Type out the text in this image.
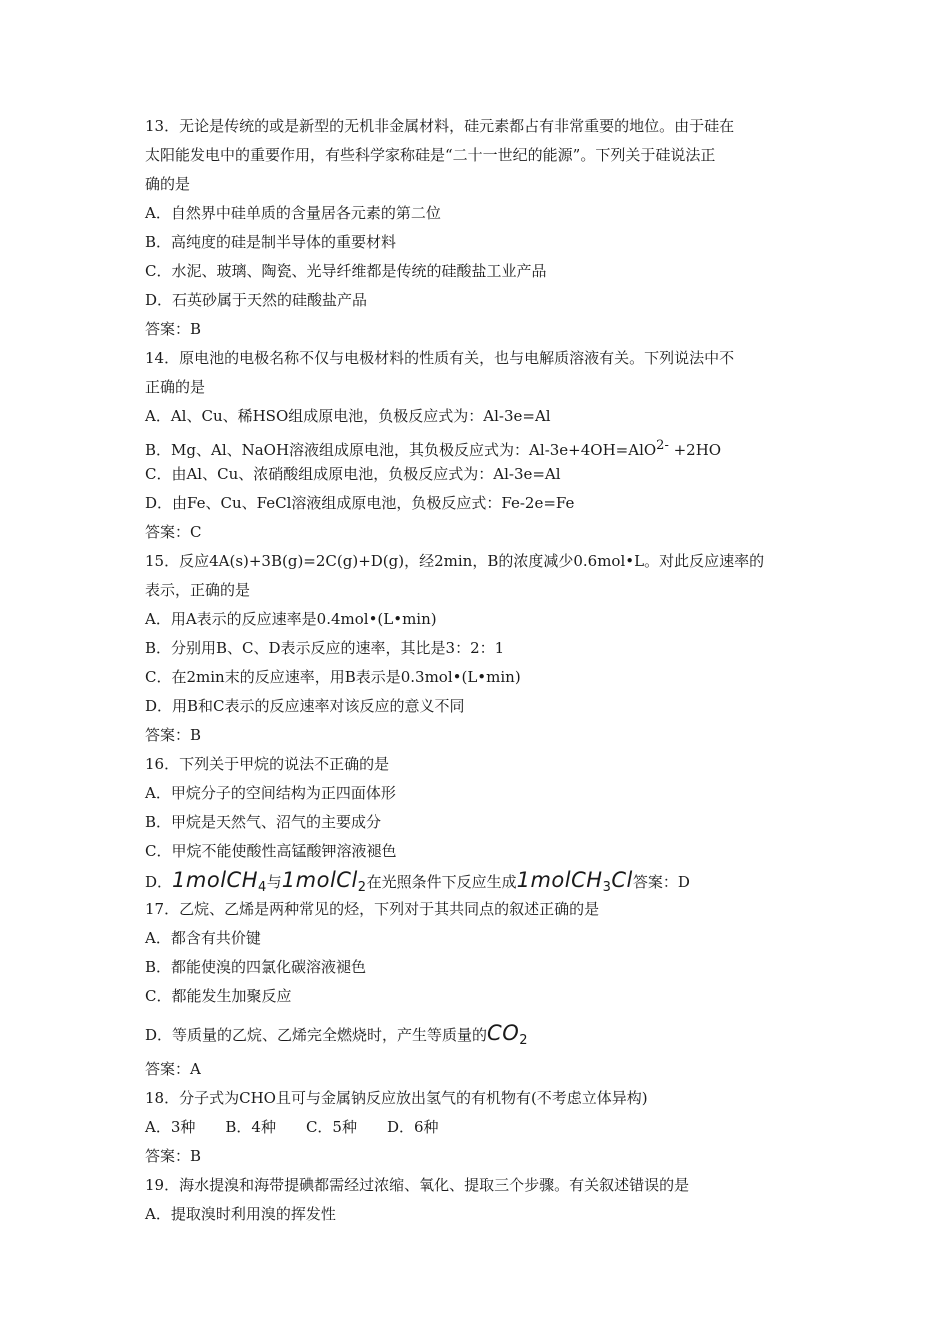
13．无论是传统的或是新型的无机非金属材料，硅元素都占有非常重要的地位。由于硅在
太阳能发电中的重要作用，有些科学家称硅是“二十一世纪的能源”。下列关于硅说法正
确的是
A．自然界中硅单质的含量居各元素的第二位
B．高纯度的硅是制半导体的重要材料
C．水泥、玻璃、陶瓷、光导纤维都是传统的硅酸盐工业产品
D．石英砂属于天然的硅酸盐产品
答案：B
14．原电池的电极名称不仅与电极材料的性质有关，也与电解质溶液有关。下列说法中不
正确的是
A．Al、Cu、稀HSO组成原电池，负极反应式为：Al-3e=Al
B．Mg、Al、NaOH溶液组成原电池，其负极反应式为：Al-3e+4OH=AlO2- +2HO
C．由Al、Cu、浓硝酸组成原电池，负极反应式为：Al-3e=Al
D．由Fe、Cu、FeCl溶液组成原电池，负极反应式：Fe-2e=Fe
答案：C
15．反应4A(s)+3B(g)=2C(g)+D(g)，经2min，B的浓度减少0.6mol•L。对此反应速率的
表示，正确的是
A．用A表示的反应速率是0.4mol•(L•min)
B．分别用B、C、D表示反应的速率，其比是3：2：1
C．在2min末的反应速率，用B表示是0.3mol•(L•min)
D．用B和C表示的反应速率对该反应的意义不同
答案：B
16．下列关于甲烷的说法不正确的是
A．甲烷分子的空间结构为正四面体形
B．甲烷是天然气、沼气的主要成分
C．甲烷不能使酸性高锰酸钾溶液褪色
D．1molCH$_4$与1molCl$_2$在光照条件下反应生成1molCH$_3$Cl答案：D
17．乙烷、乙烯是两种常见的烃，下列对于其共同点的叙述正确的是
A．都含有共价键
B．都能使溴的四氯化碳溶液褪色
C．都能发生加聚反应
D．等质量的乙烷、乙烯完全燃烧时，产生等质量的$CO_2$
答案：A
18．分子式为CHO且可与金属钠反应放出氢气的有机物有(不考虑立体异构)
A．3种　　B．4种　　C．5种　　D．6种
答案：B
19．海水提溴和海带提碘都需经过浓缩、氧化、提取三个步骤。有关叙述错误的是
A．提取溴时利用溴的挥发性
